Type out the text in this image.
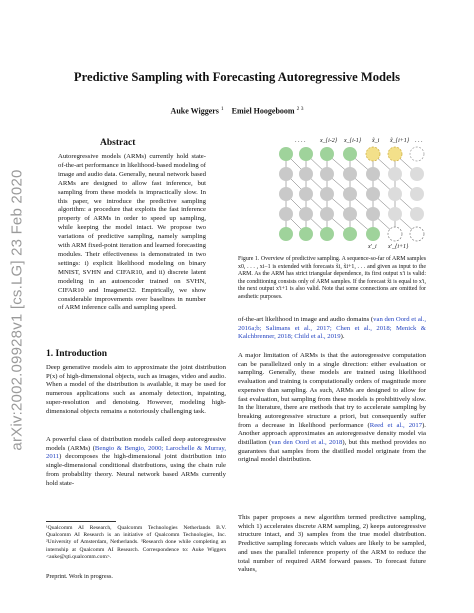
arXiv:2002.09928v1 [cs.LG] 23 Feb 2020
Predictive Sampling with Forecasting Autoregressive Models
Auke Wiggers $^1$ Emiel Hoogeboom $^{2 3}$
Abstract
Autoregressive models (ARMs) currently hold state-of-the-art performance in likelihood-based modeling of image and audio data. Generally, neural network based ARMs are designed to allow fast inference, but sampling from these models is impractically slow. In this paper, we introduce the predictive sampling algorithm: a procedure that exploits the fast inference property of ARMs in order to speed up sampling, while keeping the model intact. We propose two variations of predictive sampling, namely sampling with ARM fixed-point iteration and learned forecasting modules. Their effectiveness is demonstrated in two settings: i) explicit likelihood modeling on binary MNIST, SVHN and CIFAR10, and ii) discrete latent modeling in an autoencoder trained on SVHN, CIFAR10 and Imagenet32. Empirically, we show considerable improvements over baselines in number of ARM inference calls and sampling speed.
1. Introduction
Deep generative models aim to approximate the joint distribution P(x) of high-dimensional objects, such as images, video and audio. When a model of the distribution is available, it may be used for numerous applications such as anomaly detection, inpainting, super-resolution and denoising. However, modeling high-dimensional objects remains a notoriously challenging task.
A powerful class of distribution models called deep autoregressive models (ARMs) (Bengio & Bengio, 2000; Larochelle & Murray, 2011) decomposes the high-dimensional joint distribution into single-dimensional conditional distributions, using the chain rule from probability theory. Neural network based ARMs currently hold state-
¹Qualcomm AI Research, Qualcomm Technologies Netherlands B.V. Qualcomm AI Research is an initiative of Qualcomm Technologies, Inc. ²University of Amsterdam, Netherlands. ³Research done while completing an internship at Qualcomm AI Research. Correspondence to: Auke Wiggers <auke@qti.qualcomm.com>.
Preprint. Work in progress.
. . . . x_{i-2} x_{i-1} x̃_i x̃_{i+1} . . .
x'_i x'_{i+1}
Figure 1. Overview of predictive sampling. A sequence-so-far of ARM samples x0, . . . , xi−1 is extended with forecasts x̃i, x̃i+1, . . . and given as input to the ARM. As the ARM has strict triangular dependence, its first output x'i is valid: the conditioning consists only of ARM samples. If the forecast x̃i is equal to x'i, the next output x'i+1 is also valid. Note that some connections are omitted for aesthetic purposes.
of-the-art likelihood in image and audio domains (van den Oord et al., 2016a;b; Salimans et al., 2017; Chen et al., 2018; Menick & Kalchbrenner, 2018; Child et al., 2019).
A major limitation of ARMs is that the autoregressive computation can be parallelized only in a single direction: either evaluation or sampling. Generally, these models are trained using likelihood evaluation and training is computationally orders of magnitude more expensive than sampling. As such, ARMs are designed to allow for fast evaluation, but sampling from these models is prohibitively slow. In the literature, there are methods that try to accelerate sampling by breaking autoregressive structure a priori, but consequently suffer from a decrease in likelihood performance (Reed et al., 2017). Another approach approximates an autoregressive density model via distillation (van den Oord et al., 2018), but this method provides no guarantees that samples from the distilled model originate from the original model distribution.
This paper proposes a new algorithm termed predictive sampling, which 1) accelerates discrete ARM sampling, 2) keeps autoregressive structure intact, and 3) samples from the true model distribution. Predictive sampling forecasts which values are likely to be sampled, and uses the parallel inference property of the ARM to reduce the total number of required ARM forward passes. To forecast future values,
